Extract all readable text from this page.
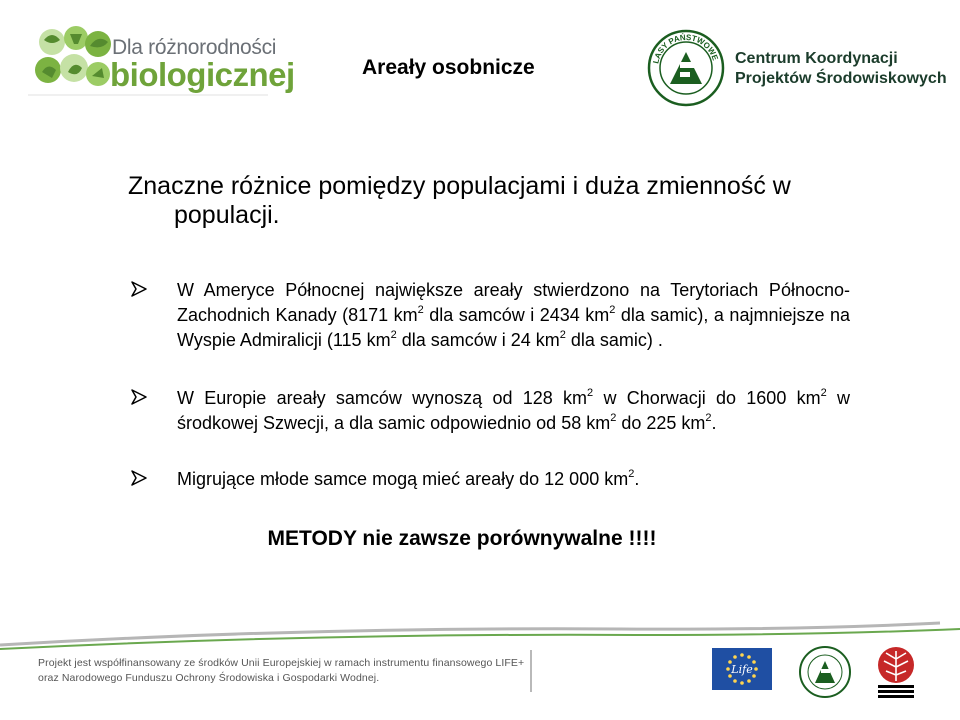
Dla różnorodności
biologicznej	Areały osobnicze	LASY PAŃSTWOWE Centrum Koordynacji
Projektów Środowiskowych
Znaczne różnice pomiędzy populacjami i duża zmienność w populacji.
W Ameryce Północnej największe areały stwierdzono na Terytoriach Północno-Zachodnich Kanady (8171 $km^2$ dla samców i 2434 $km^2$ dla samic), a najmniejsze na Wyspie Admiralicji (115 $km^2$ dla samców i 24 $km^2$ dla samic) .
W Europie areały samców wynoszą od 128 $km^2$ w Chorwacji do 1600 $km^2$ w środkowej Szwecji, a dla samic odpowiednio od 58 $km^2$ do 225 $km^2$.
Migrujące młode samce mogą mieć areały do 12 000 $km^2$.
METODY nie zawsze porównywalne !!!!
Projekt jest współfinansowany ze środków Unii Europejskiej w ramach instrumentu finansowego LIFE+
oraz Narodowego Funduszu Ochrony Środowiska i Gospodarki Wodnej.
Life
